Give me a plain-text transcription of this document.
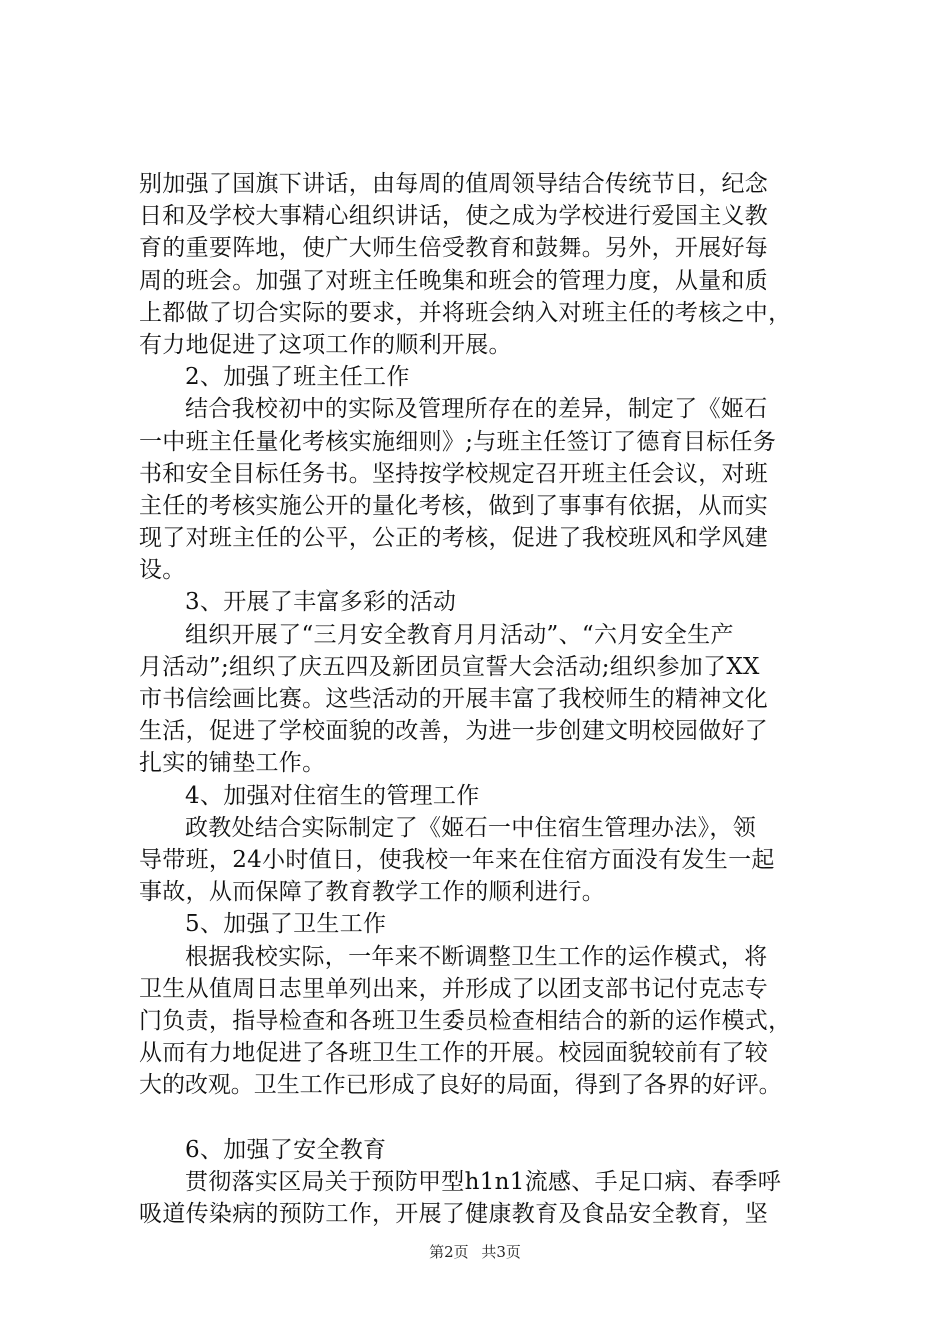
别加强了国旗下讲话，由每周的值周领导结合传统节日，纪念
日和及学校大事精心组织讲话，使之成为学校进行爱国主义教
育的重要阵地，使广大师生倍受教育和鼓舞。另外，开展好每
周的班会。加强了对班主任晚集和班会的管理力度，从量和质
上都做了切合实际的要求，并将班会纳入对班主任的考核之中，
有力地促进了这项工作的顺利开展。
2、加强了班主任工作
结合我校初中的实际及管理所存在的差异，制定了《姬石
一中班主任量化考核实施细则》;与班主任签订了德育目标任务
书和安全目标任务书。坚持按学校规定召开班主任会议，对班
主任的考核实施公开的量化考核，做到了事事有依据，从而实
现了对班主任的公平，公正的考核，促进了我校班风和学风建
设。
3、开展了丰富多彩的活动
组织开展了“三月安全教育月月活动”、“六月安全生产
月活动”;组织了庆五四及新团员宣誓大会活动;组织参加了XX
市书信绘画比赛。这些活动的开展丰富了我校师生的精神文化
生活，促进了学校面貌的改善，为进一步创建文明校园做好了
扎实的铺垫工作。
4、加强对住宿生的管理工作
政教处结合实际制定了《姬石一中住宿生管理办法》，领
导带班，24小时值日，使我校一年来在住宿方面没有发生一起
事故，从而保障了教育教学工作的顺利进行。
5、加强了卫生工作
根据我校实际，一年来不断调整卫生工作的运作模式，将
卫生从值周日志里单列出来，并形成了以团支部书记付克志专
门负责，指导检查和各班卫生委员检查相结合的新的运作模式，
从而有力地促进了各班卫生工作的开展。校园面貌较前有了较
大的改观。卫生工作已形成了良好的局面，得到了各界的好评。
6、加强了安全教育
贯彻落实区局关于预防甲型h1n1流感、手足口病、春季呼
吸道传染病的预防工作，开展了健康教育及食品安全教育，坚
第2页 共3页
